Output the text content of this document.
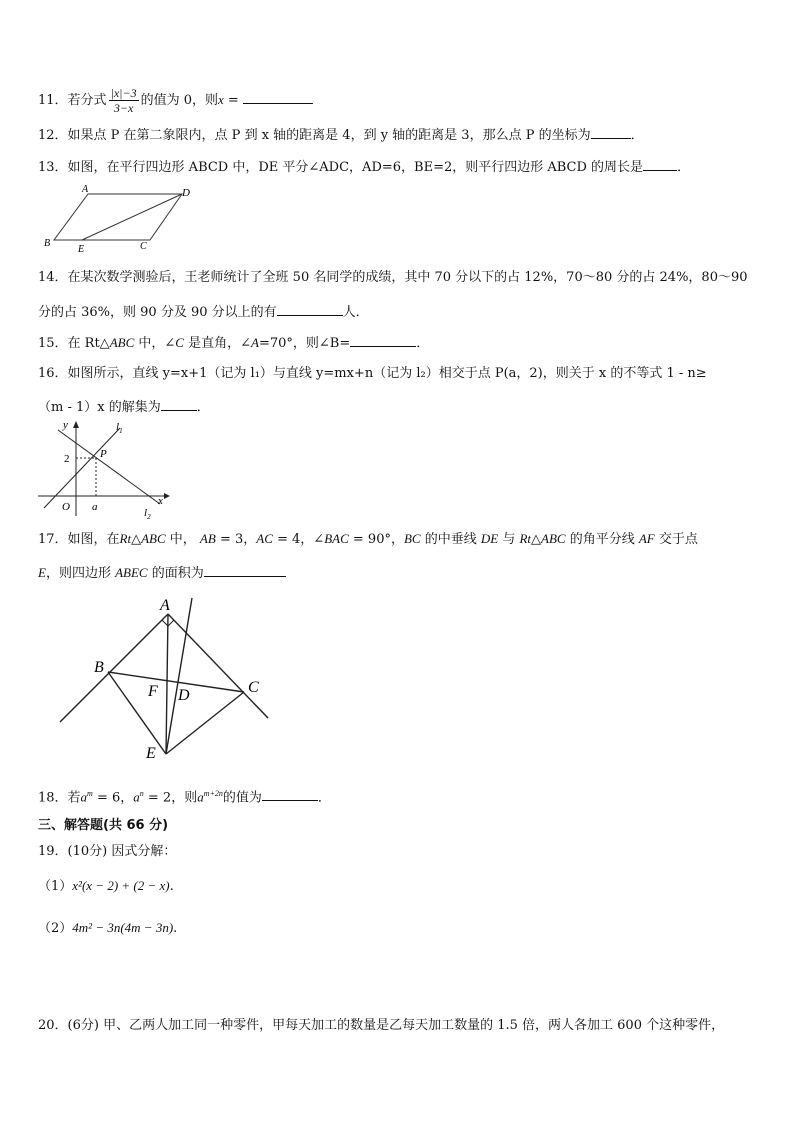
11．若分式 $\frac{|x|-3}{3-x}$ 的值为 0，则x =
12．如果点 P 在第二象限内，点 P 到 x 轴的距离是 4，到 y 轴的距离是 3，那么点 P 的坐标为	．
13．如图，在平行四边形 ABCD 中，DE 平分∠ADC，AD=6，BE=2，则平行四边形 ABCD 的周长是	．
A	D
B
E	C
14．在某次数学测验后，王老师统计了全班 50 名同学的成绩，其中 70 分以下的占 12%，70～80 分的占 24%，80～90
分的占 36%，则 90 分及 90 分以上的有	人．
15．在 Rt△ABC 中，∠C 是直角，∠A=70°，则∠B=	．
16．如图所示，直线 y=x+1（记为 l₁）与直线 y=mx+n（记为 l₂）相交于点 P(a，2)，则关于 x 的不等式 1 - n≥
（m - 1）x 的解集为	．
y	$l_1$
2	P
O a	x
$l_2$
17．如图，在Rt△ABC 中， AB = 3，AC = 4，∠BAC = 90°，BC 的中垂线 DE 与 Rt△ABC 的角平分线 AF 交于点
E，则四边形 ABEC 的面积为
A
B
F D	C
E
18．若$a^m = 6$，$a^n = 2$，则$a^{m+2n}$的值为	．
三、解答题(共 66 分)
19．(10分) 因式分解：
（1）x²(x − 2) + (2 − x).
（2）4m² − 3n(4m − 3n).
20．(6分) 甲、乙两人加工同一种零件，甲每天加工的数量是乙每天加工数量的 1.5 倍，两人各加工 600 个这种零件，
